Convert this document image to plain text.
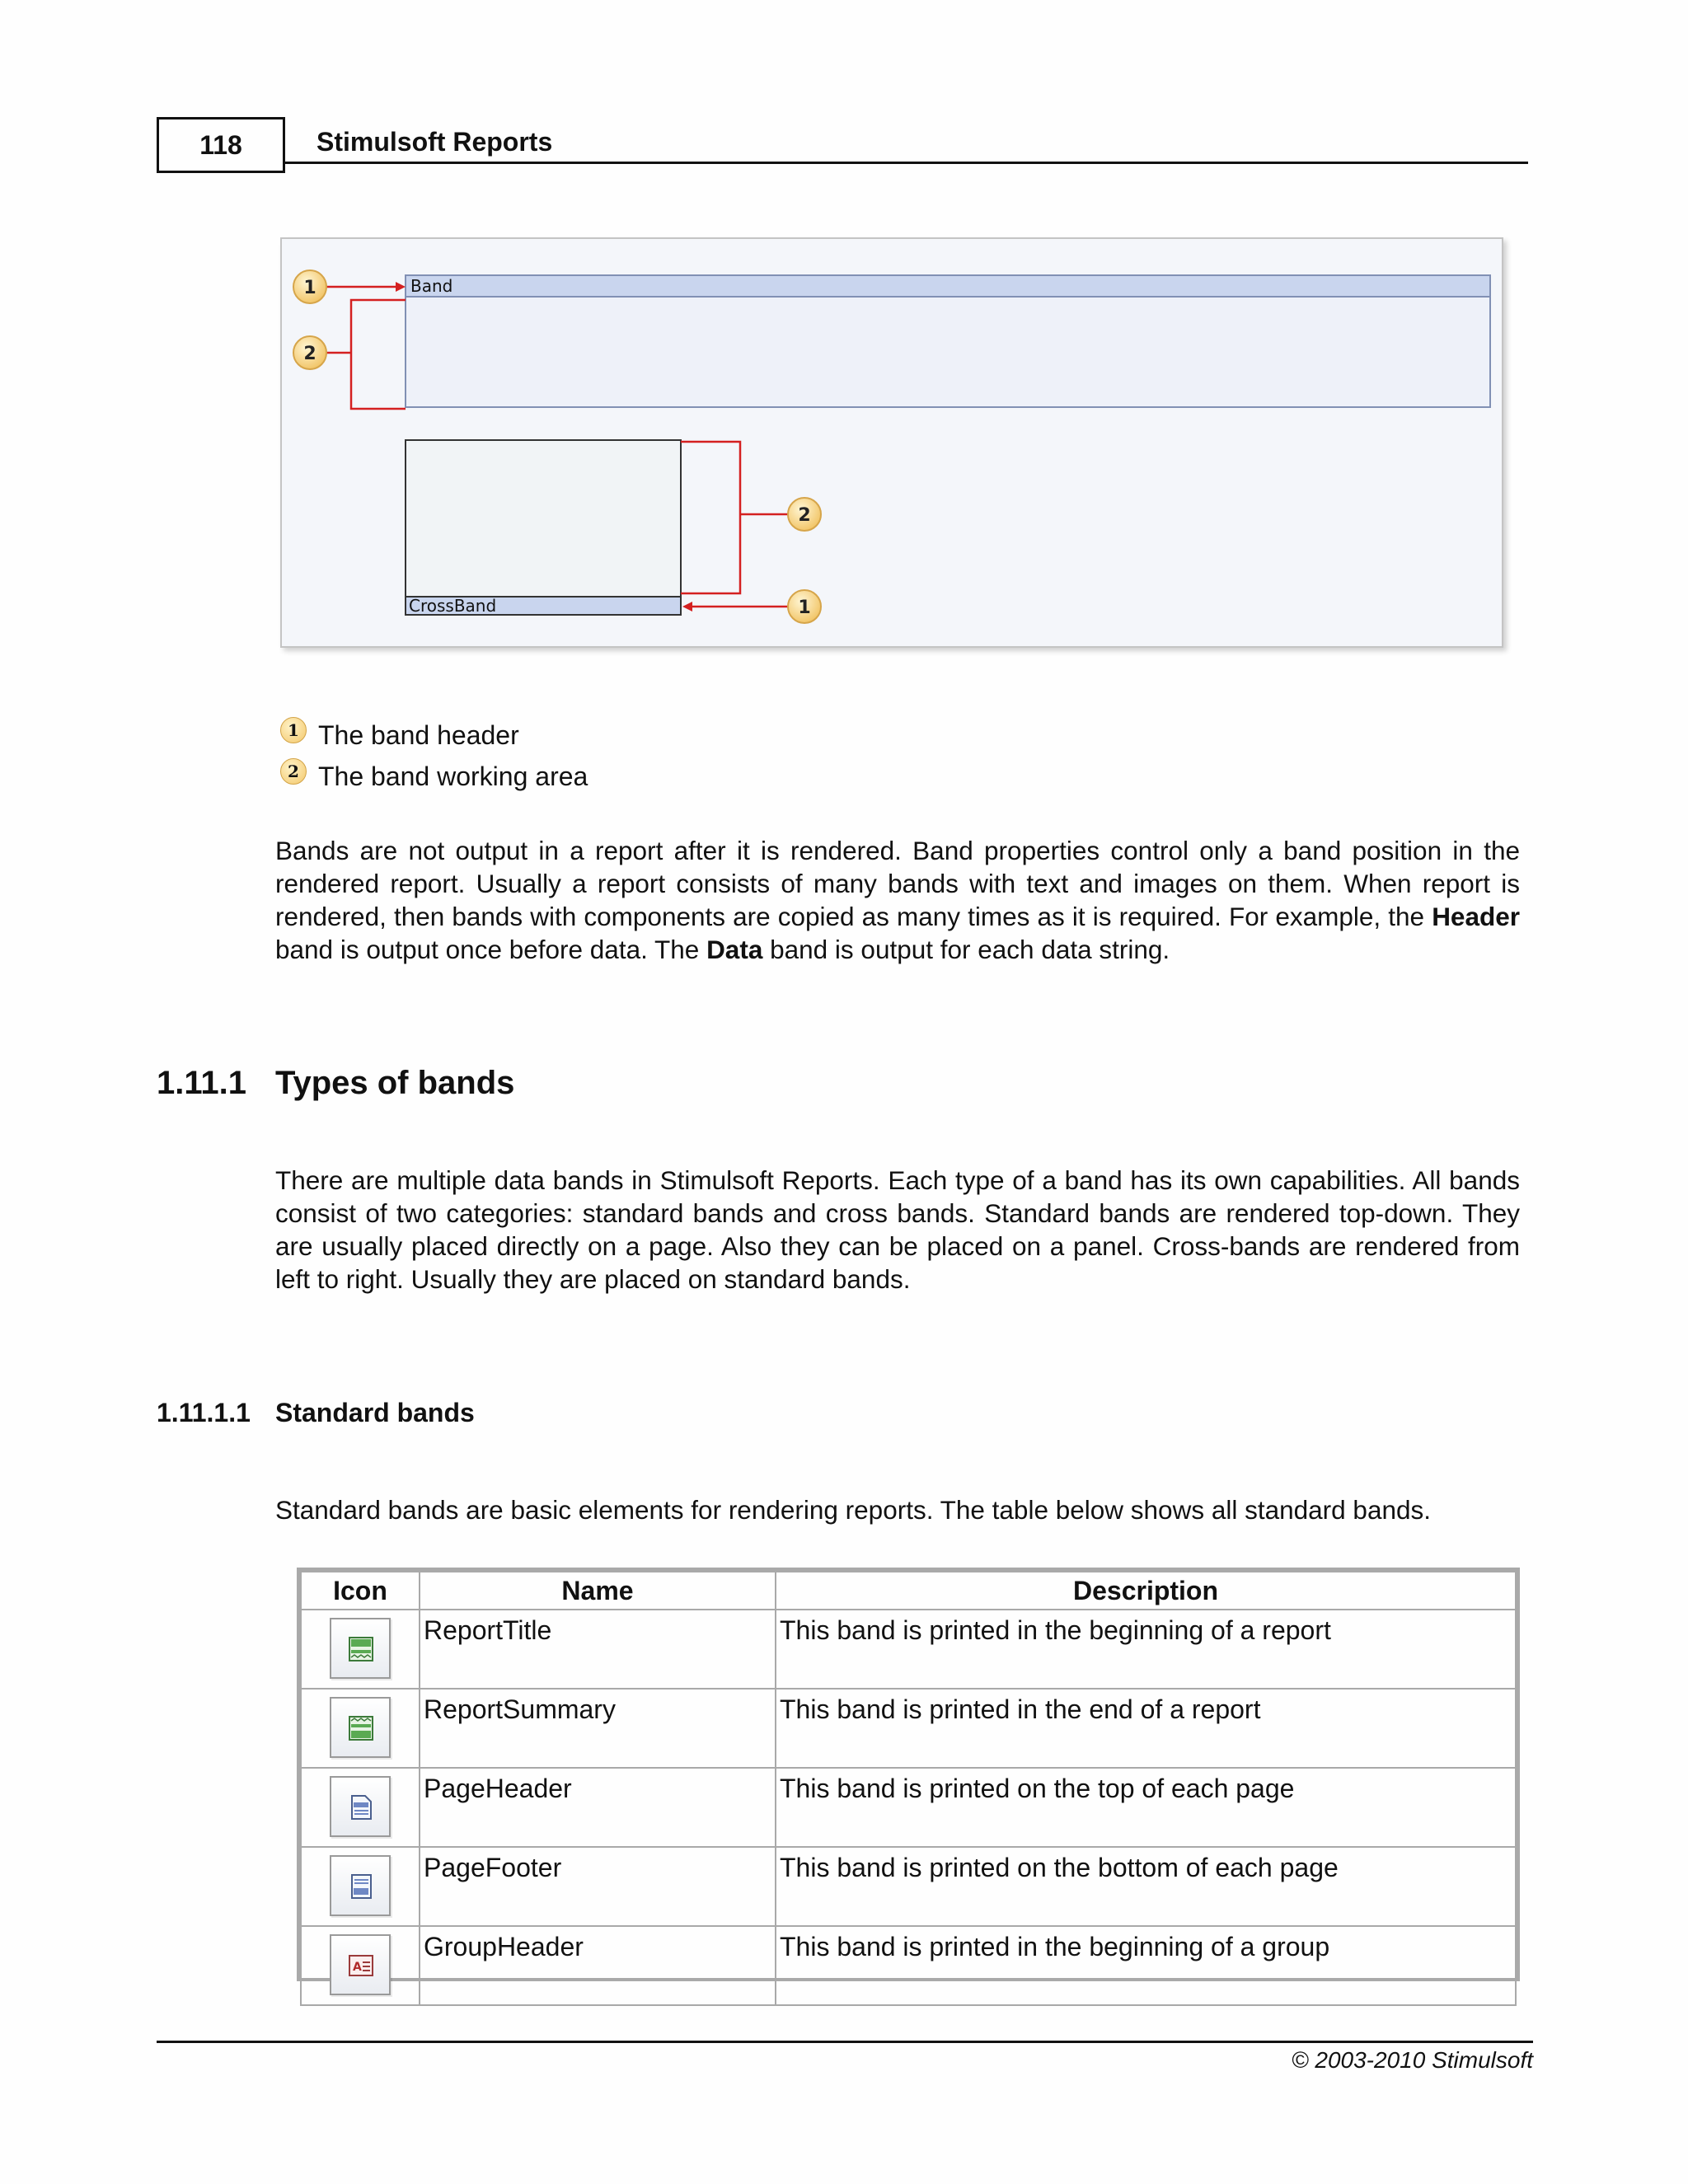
118	Stimulsoft Reports
Band
CrossBand
1
2
2
1
1 The band header
2 The band working area
Bands are not output in a report after it is rendered. Band properties control only a band position in the rendered report. Usually a report consists of many bands with text and images on them. When report is rendered, then bands with components are copied as many times as it is required. For example, the Header band is output once before data. The Data band is output for each data string.
1.11.1 Types of bands
There are multiple data bands in Stimulsoft Reports. Each type of a band has its own capabilities. All bands consist of two categories: standard bands and cross bands. Standard bands are rendered top-down. They are usually placed directly on a page. Also they can be placed on a panel. Cross-bands are rendered from left to right. Usually they are placed on standard bands.
1.11.1.1 Standard bands
Standard bands are basic elements for rendering reports. The table below shows all standard bands.
Icon	Name	Description

	ReportTitle	This band is printed in the beginning of a report

	ReportSummary	This band is printed in the end of a report

	PageHeader	This band is printed on the top of each page

	PageFooter	This band is printed on the bottom of each page

A	GroupHeader	This band is printed in the beginning of a group
© 2003-2010 Stimulsoft
